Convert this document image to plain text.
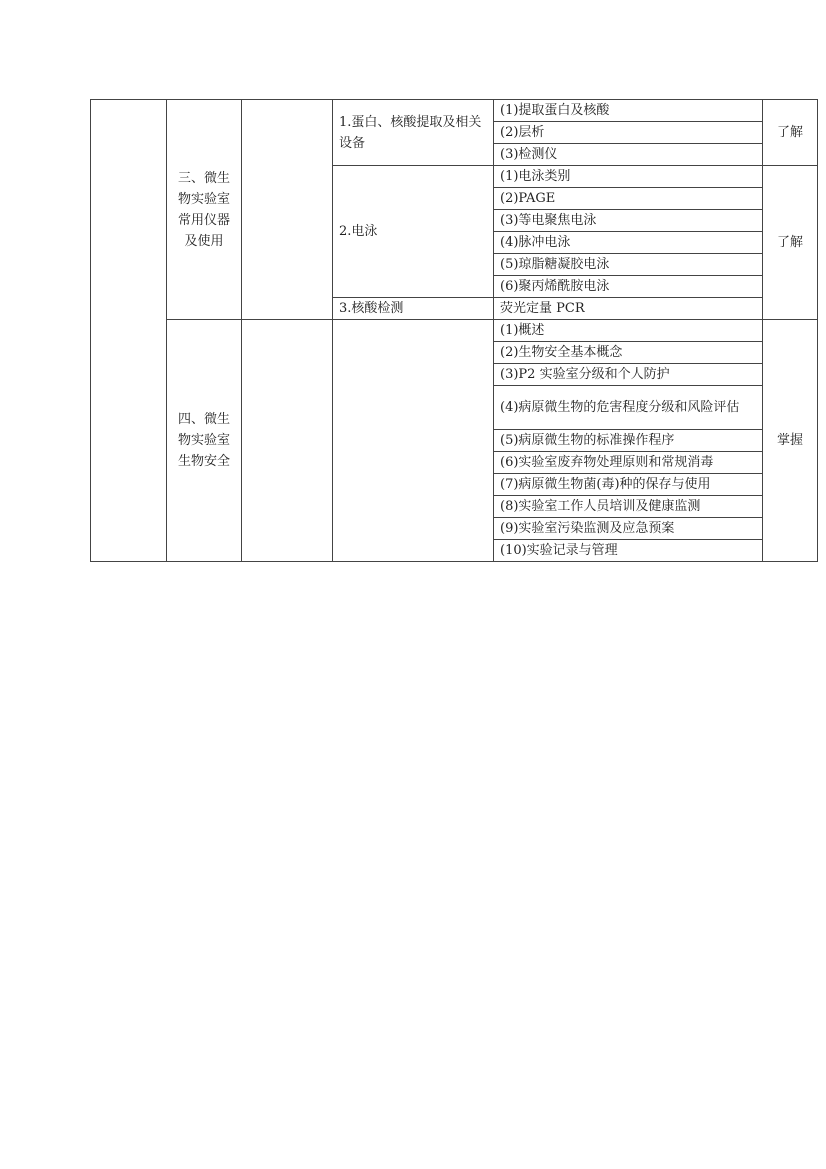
	三、微生物实验室常用仪器及使用		1.蛋白、核酸提取及相关设备	(1)提取蛋白及核酸	了解
				(2)层析	
				(3)检测仪	
			2.电泳	(1)电泳类别	了解
				(2)PAGE	
				(3)等电聚焦电泳	
				(4)脉冲电泳	
				(5)琼脂糖凝胶电泳	
				(6)聚丙烯酰胺电泳	
			3.核酸检测	荧光定量 PCR	
	四、微生物实验室生物安全			(1)概述	掌握
				(2)生物安全基本概念	
				(3)P2 实验室分级和个人防护	
				(4)病原微生物的危害程度分级和风险评估	
				(5)病原微生物的标准操作程序	
				(6)实验室废弃物处理原则和常规消毒	
				(7)病原微生物菌(毒)种的保存与使用	
				(8)实验室工作人员培训及健康监测	
				(9)实验室污染监测及应急预案	
				(10)实验记录与管理	
